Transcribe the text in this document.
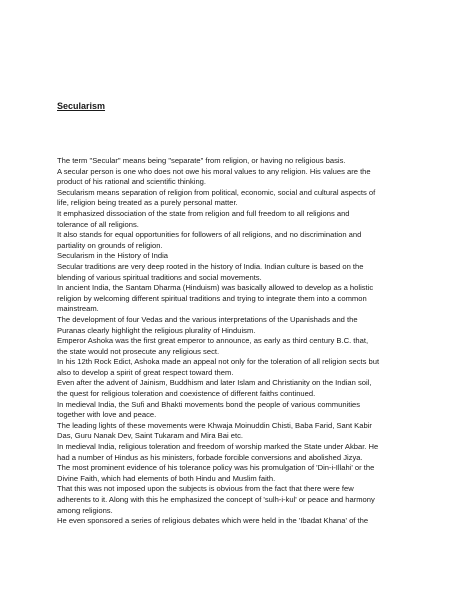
Secularism

The term "Secular" means being "separate" from religion, or having no religious basis.
A secular person is one who does not owe his moral values to any religion. His values are the
product of his rational and scientific thinking.
Secularism means separation of religion from political, economic, social and cultural aspects of
life, religion being treated as a purely personal matter.
It emphasized dissociation of the state from religion and full freedom to all religions and
tolerance of all religions.
It also stands for equal opportunities for followers of all religions, and no discrimination and
partiality on grounds of religion.
Secularism in the History of India
Secular traditions are very deep rooted in the history of India. Indian culture is based on the
blending of various spiritual traditions and social movements.
In ancient India, the Santam Dharma (Hinduism) was basically allowed to develop as a holistic
religion by welcoming different spiritual traditions and trying to integrate them into a common
mainstream.
The development of four Vedas and the various interpretations of the Upanishads and the
Puranas clearly highlight the religious plurality of Hinduism.
Emperor Ashoka was the first great emperor to announce, as early as third century B.C. that,
the state would not prosecute any religious sect.
In his 12th Rock Edict, Ashoka made an appeal not only for the toleration of all religion sects but
also to develop a spirit of great respect toward them.
Even after the advent of Jainism, Buddhism and later Islam and Christianity on the Indian soil,
the quest for religious toleration and coexistence of different faiths continued.
In medieval India, the Sufi and Bhakti movements bond the people of various communities
together with love and peace.
The leading lights of these movements were Khwaja Moinuddin Chisti, Baba Farid, Sant Kabir
Das, Guru Nanak Dev, Saint Tukaram and Mira Bai etc.
In medieval India, religious toleration and freedom of worship marked the State under Akbar. He
had a number of Hindus as his ministers, forbade forcible conversions and abolished Jizya.
The most prominent evidence of his tolerance policy was his promulgation of 'Din-i-Illahi' or the
Divine Faith, which had elements of both Hindu and Muslim faith.
That this was not imposed upon the subjects is obvious from the fact that there were few
adherents to it. Along with this he emphasized the concept of 'sulh-i-kul' or peace and harmony
among religions.
He even sponsored a series of religious debates which were held in the 'Ibadat Khana' of the
